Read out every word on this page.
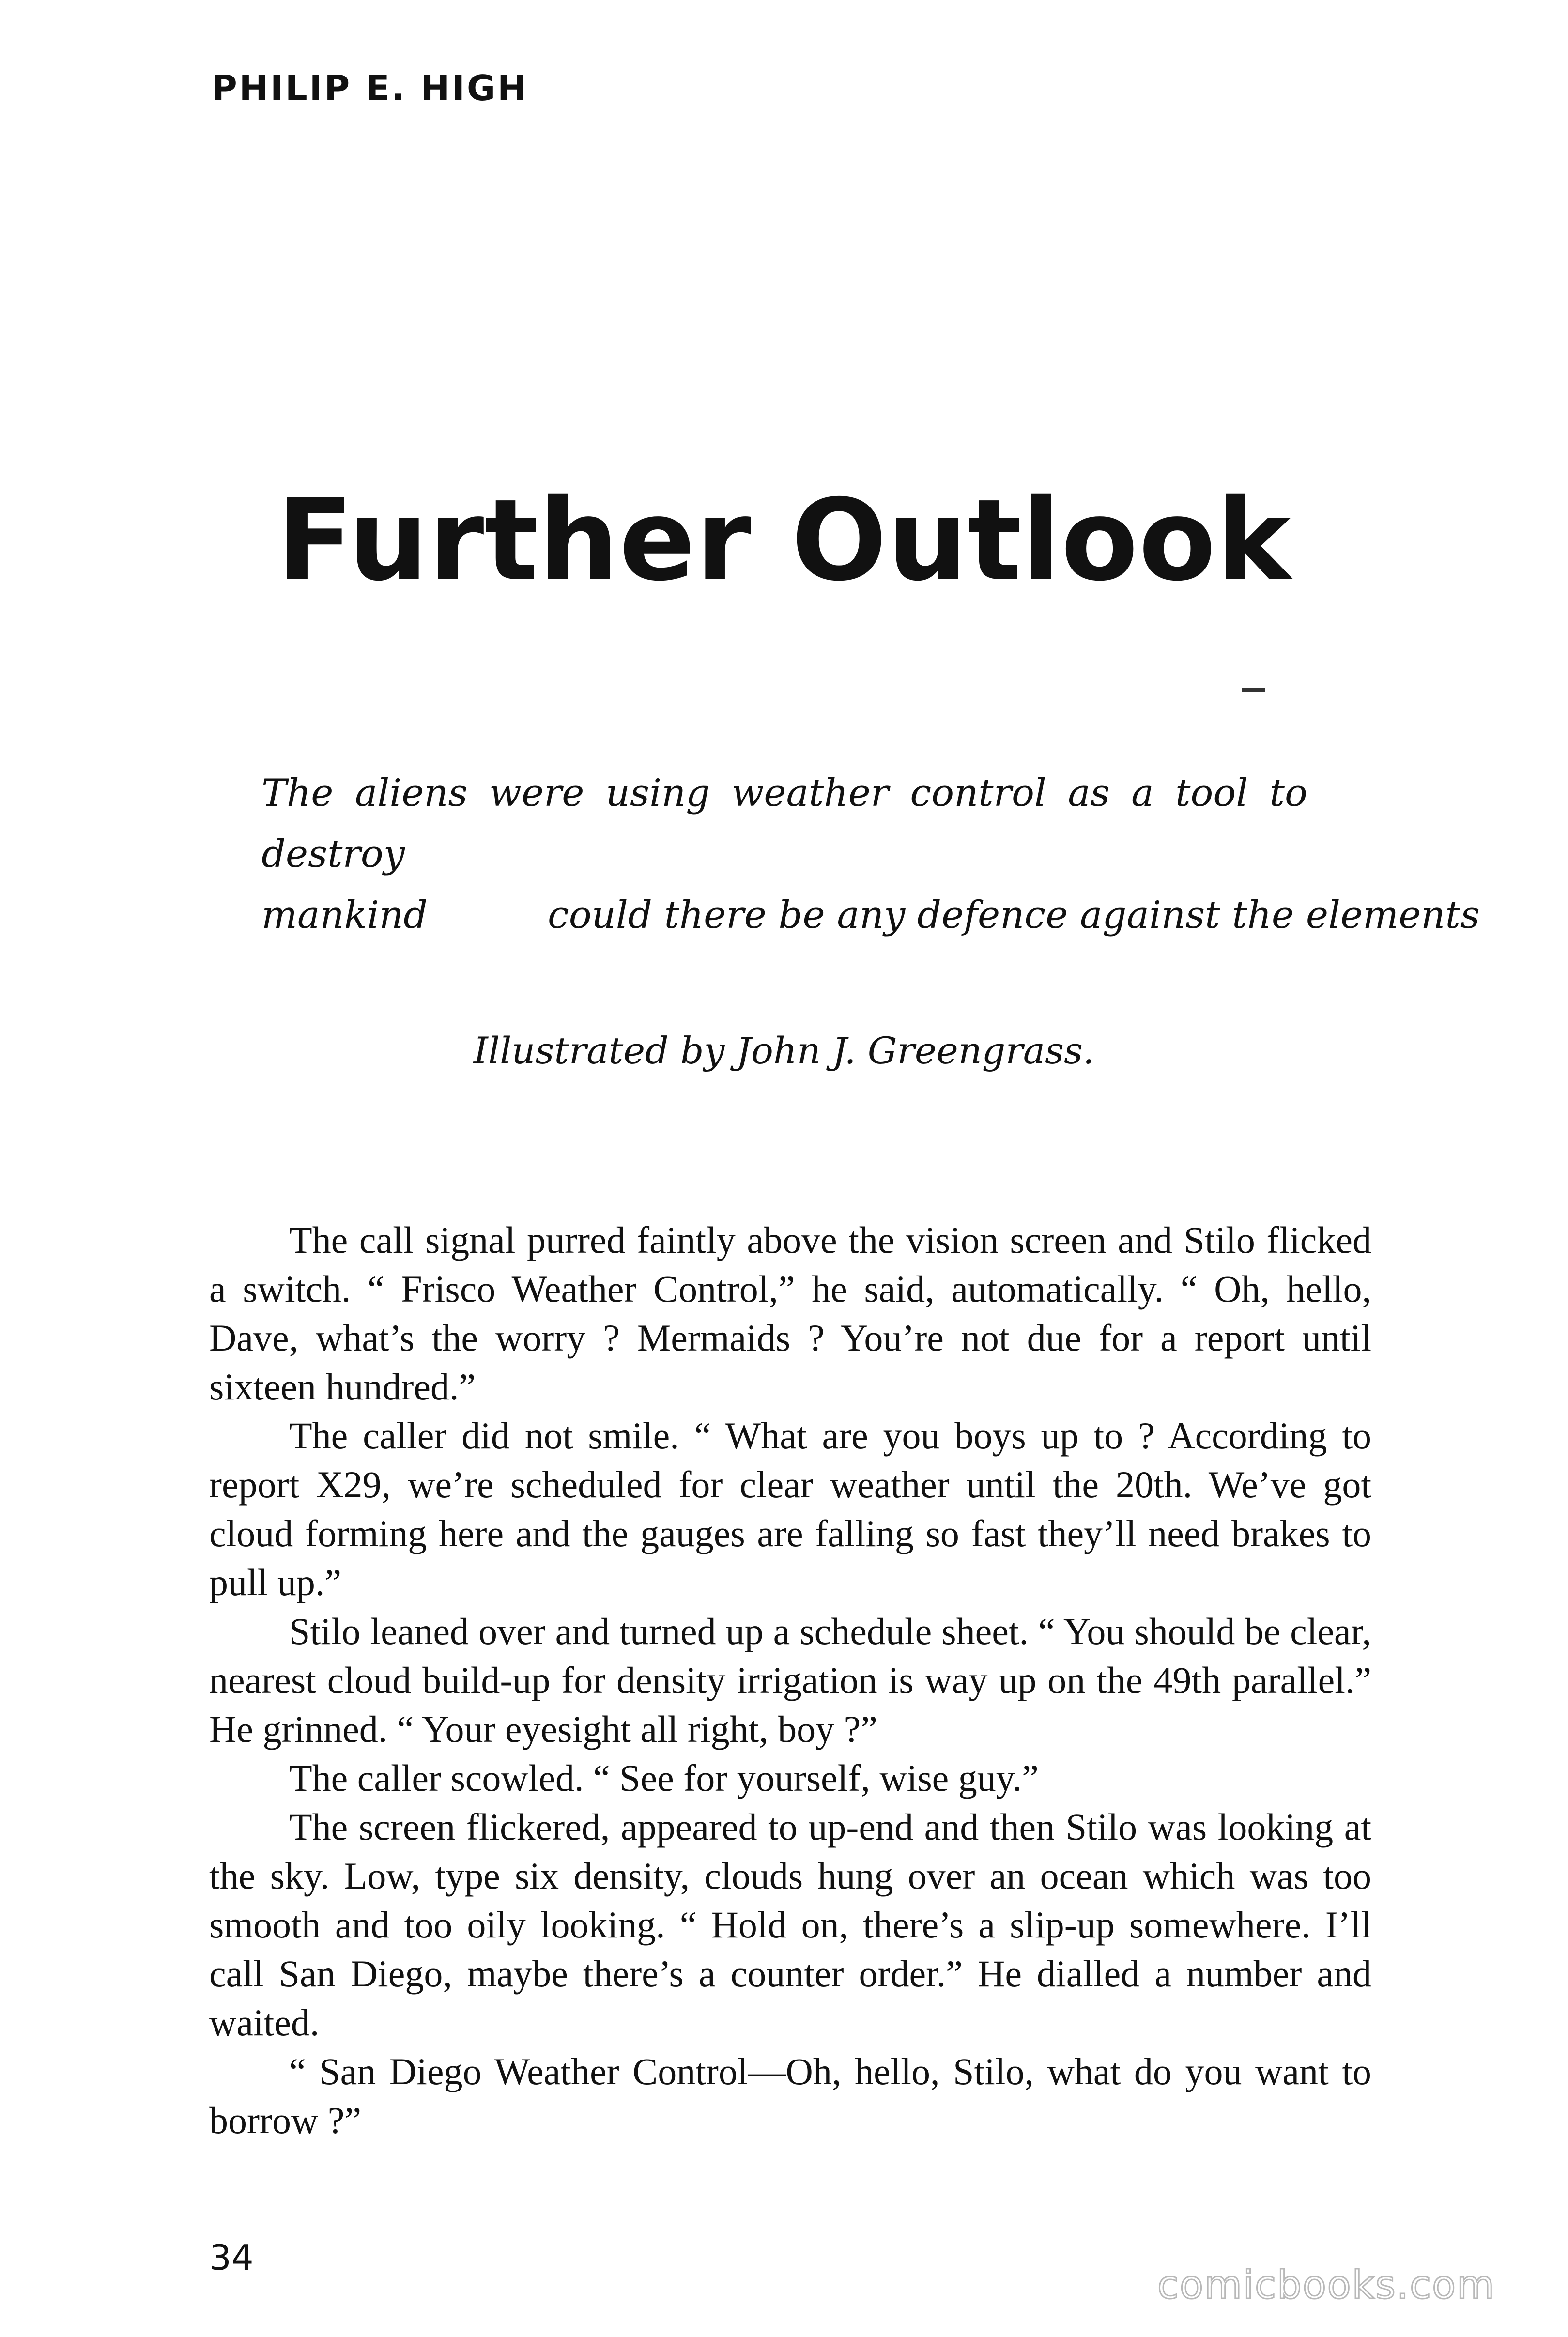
PHILIP E. HIGH
Further Outlook
The aliens were using weather control as a tool to destroy
mankind          could there be any defence against the elements
Illustrated by John J. Greengrass.

The call signal purred faintly above the vision screen and Stilo flicked a switch. “ Frisco Weather Control,” he said, automatically. “ Oh, hello, Dave, what’s the worry ? Mermaids ? You’re not due for a report until sixteen hundred.”

The caller did not smile. “ What are you boys up to ? According to report X29, we’re scheduled for clear weather until the 20th. We’ve got cloud forming here and the gauges are falling so fast they’ll need brakes to pull up.”

Stilo leaned over and turned up a schedule sheet. “ You should be clear, nearest cloud build-up for density irrigation is way up on the 49th parallel.” He grinned. “ Your eyesight all right, boy ?”

The caller scowled. “ See for yourself, wise guy.”

The screen flickered, appeared to up-end and then Stilo was looking at the sky. Low, type six density, clouds hung over an ocean which was too smooth and too oily looking. “ Hold on, there’s a slip-up somewhere. I’ll call San Diego, maybe there’s a counter order.” He dialled a number and waited.

“ San Diego Weather Control—Oh, hello, Stilo, what do you want to borrow ?”

34
comicbooks.com
